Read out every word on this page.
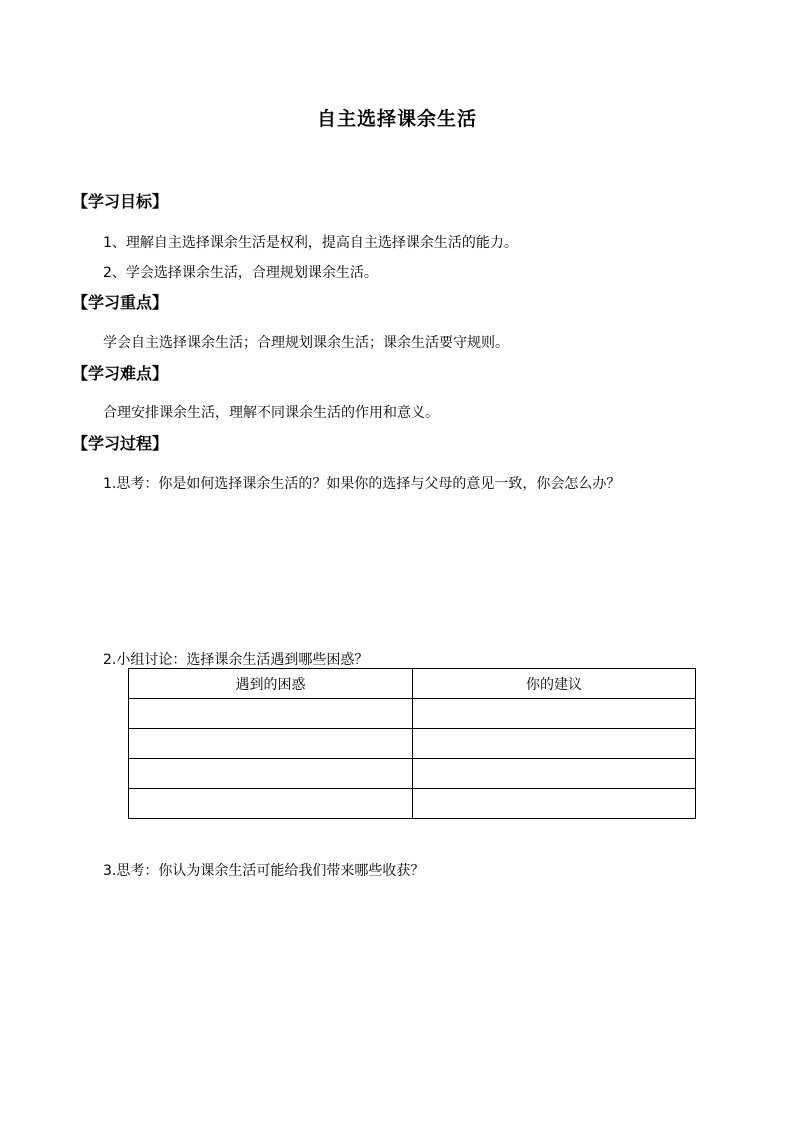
自主选择课余生活
【学习目标】
1、理解自主选择课余生活是权利，提高自主选择课余生活的能力。
2、学会选择课余生活，合理规划课余生活。
【学习重点】
学会自主选择课余生活；合理规划课余生活；课余生活要守规则。
【学习难点】
合理安排课余生活，理解不同课余生活的作用和意义。
【学习过程】
1.思考：你是如何选择课余生活的？如果你的选择与父母的意见一致，你会怎么办？
2.小组讨论：选择课余生活遇到哪些困惑？
遇到的困惑	你的建议

3.思考：你认为课余生活可能给我们带来哪些收获？
